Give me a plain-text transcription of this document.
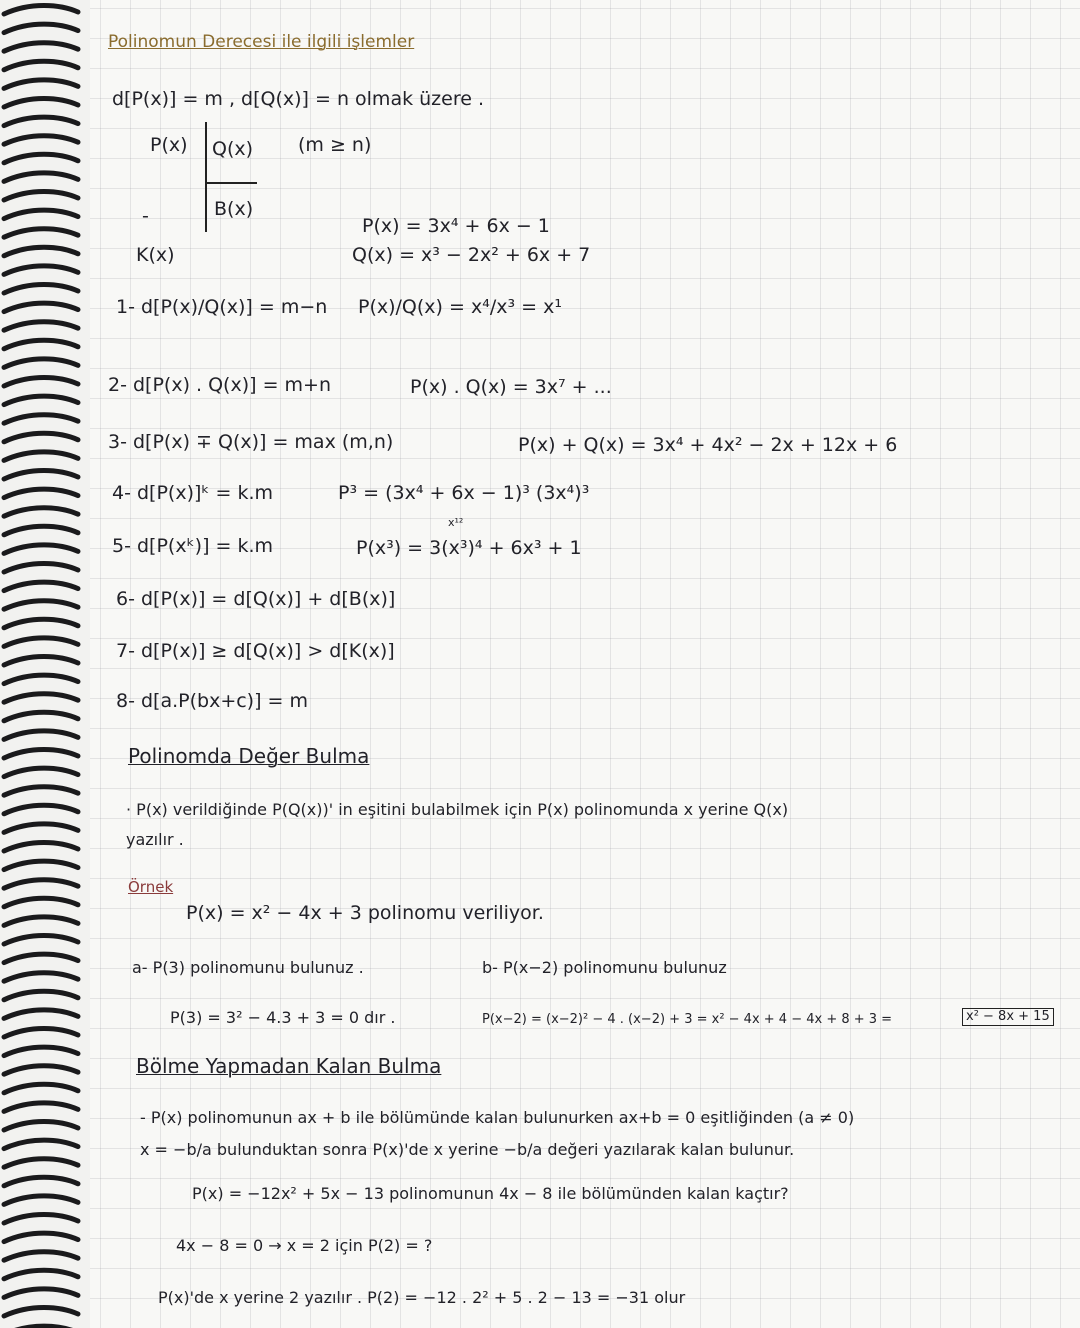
Polinomun Derecesi ile ilgili işlemler
d[P(x)] = m , d[Q(x)] = n olmak üzere .
P(x) Q(x) (m ≥ n)
B(x)
-
K(x)
P(x) = 3x⁴ + 6x − 1
Q(x) = x³ − 2x² + 6x + 7
1- d[P(x)/Q(x)] = m−n P(x)/Q(x) = x⁴/x³ = x¹
2- d[P(x) . Q(x)] = m+n	P(x) . Q(x) = 3x⁷ + ...
3- d[P(x) ∓ Q(x)] = max (m,n)	P(x) + Q(x) = 3x⁴ + 4x² − 2x + 12x + 6
4- d[P(x)]ᵏ = k.m	P³ = (3x⁴ + 6x − 1)³ (3x⁴)³
x¹²
5- d[P(xᵏ)] = k.m	P(x³) = 3(x³)⁴ + 6x³ + 1
6- d[P(x)] = d[Q(x)] + d[B(x)]
7- d[P(x)] ≥ d[Q(x)] > d[K(x)]
8- d[a.P(bx+c)] = m
Polinomda Değer Bulma
· P(x) verildiğinde P(Q(x))' in eşitini bulabilmek için P(x) polinomunda x yerine Q(x)
yazılır .
Örnek
P(x) = x² − 4x + 3 polinomu veriliyor.
a- P(3) polinomunu bulunuz .	b- P(x−2) polinomunu bulunuz
P(3) = 3² − 4.3 + 3 = 0 dır .	P(x−2) = (x−2)² − 4 . (x−2) + 3 = x² − 4x + 4 − 4x + 8 + 3 =	x² − 8x + 15
Bölme Yapmadan Kalan Bulma
- P(x) polinomunun ax + b ile bölümünde kalan bulunurken ax+b = 0 eşitliğinden (a ≠ 0)
x = −b/a bulunduktan sonra P(x)'de x yerine −b/a değeri yazılarak kalan bulunur.
P(x) = −12x² + 5x − 13 polinomunun 4x − 8 ile bölümünden kalan kaçtır?
4x − 8 = 0 → x = 2 için P(2) = ?
P(x)'de x yerine 2 yazılır . P(2) = −12 . 2² + 5 . 2 − 13 = −31 olur
